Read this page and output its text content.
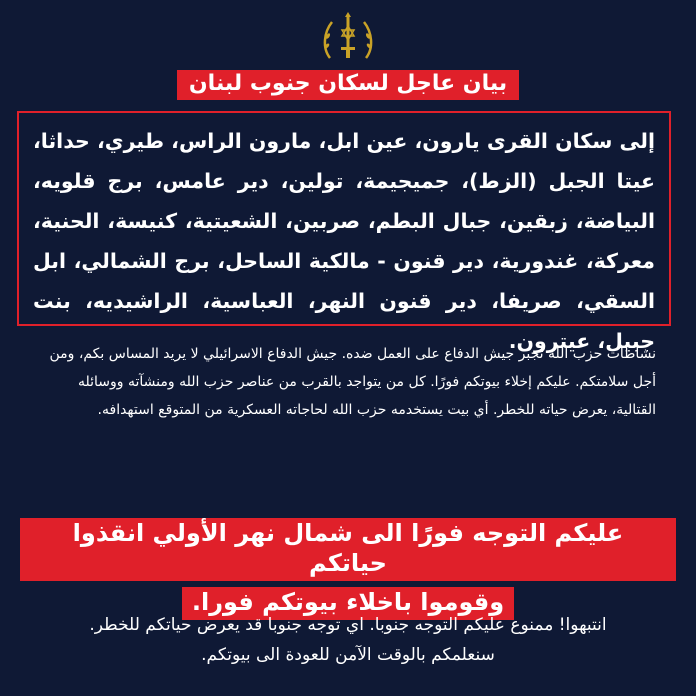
بيان عاجل لسكان جنوب لبنان

إلى سكان القرى يارون، عين ابل، مارون الراس، طيري، حداثا، عيتا الجبل (الزط)، جميجيمة، تولين، دير عامس، برج قلويه، البياضة، زبقين، جبال البطم، صربين، الشعيتية، كنيسة، الحنية، معركة، غندورية، دير قنون - مالكية الساحل، برج الشمالي، ابل السقي، صريفا، دير قنون النهر، العباسية، الراشيديه، بنت جبيل، عيترون.

نشاطات حزب الله تجبر جيش الدفاع على العمل ضده. جيش الدفاع الاسرائيلي لا يريد المساس بكم، ومن أجل سلامتكم. عليكم إخلاء بيوتكم فورًا. كل من يتواجد بالقرب من عناصر حزب الله ومنشآته ووسائله القتالية، يعرض حياته للخطر. أي بيت يستخدمه حزب الله لحاجاته العسكرية من المتوقع استهدافه.

عليكم التوجه فورًا الى شمال نهر الأولي انقذوا حياتكم
وقوموا باخلاء بيوتكم فورا.
انتبهوا! ممنوع عليكم التوجه جنوبا. اي توجه جنوبا قد يعرض حياتكم للخطر.
سنعلمكم بالوقت الآمن للعودة الى بيوتكم.
